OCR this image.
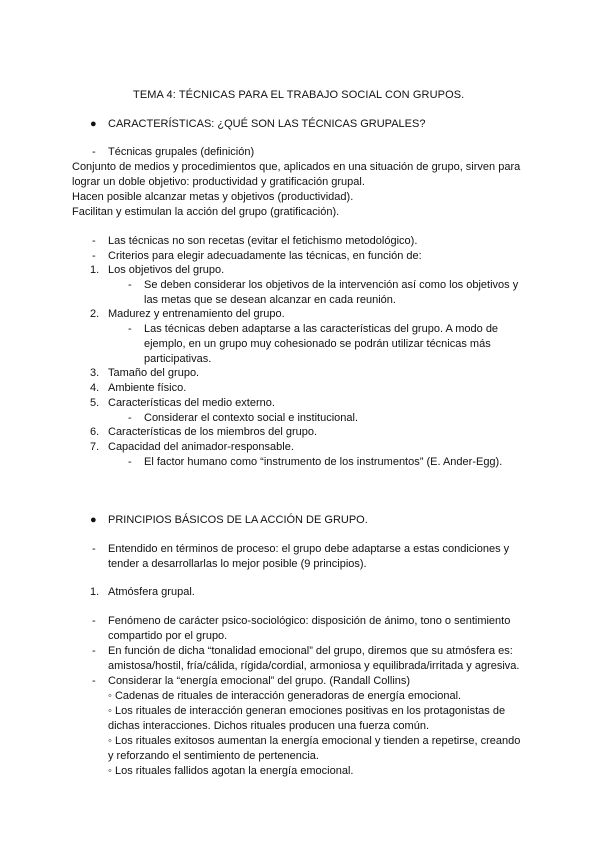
TEMA 4: TÉCNICAS PARA EL TRABAJO SOCIAL CON GRUPOS.
● CARACTERÍSTICAS: ¿QUÉ SON LAS TÉCNICAS GRUPALES?
- Técnicas grupales (definición)
Conjunto de medios y procedimientos que, aplicados en una situación de grupo, sirven para
lograr un doble objetivo: productividad y gratificación grupal.
Hacen posible alcanzar metas y objetivos (productividad).
Facilitan y estimulan la acción del grupo (gratificación).
- Las técnicas no son recetas (evitar el fetichismo metodológico).
- Criterios para elegir adecuadamente las técnicas, en función de:
1. Los objetivos del grupo.
- Se deben considerar los objetivos de la intervención así como los objetivos y
las metas que se desean alcanzar en cada reunión.
2. Madurez y entrenamiento del grupo.
- Las técnicas deben adaptarse a las características del grupo. A modo de
ejemplo, en un grupo muy cohesionado se podrán utilizar técnicas más
participativas.
3. Tamaño del grupo.
4. Ambiente físico.
5. Características del medio externo.
- Considerar el contexto social e institucional.
6. Características de los miembros del grupo.
7. Capacidad del animador-responsable.
- El factor humano como “instrumento de los instrumentos” (E. Ander-Egg).
● PRINCIPIOS BÁSICOS DE LA ACCIÓN DE GRUPO.
- Entendido en términos de proceso: el grupo debe adaptarse a estas condiciones y
tender a desarrollarlas lo mejor posible (9 principios).
1. Atmósfera grupal.
- Fenómeno de carácter psico-sociológico: disposición de ánimo, tono o sentimiento
compartido por el grupo.
- En función de dicha “tonalidad emocional” del grupo, diremos que su atmósfera es:
amistosa/hostil, fría/cálida, rígida/cordial, armoniosa y equilibrada/irritada y agresiva.
- Considerar la “energía emocional” del grupo. (Randall Collins)
◦ Cadenas de rituales de interacción generadoras de energía emocional.
◦ Los rituales de interacción generan emociones positivas en los protagonistas de
dichas interacciones. Dichos rituales producen una fuerza común.
◦ Los rituales exitosos aumentan la energía emocional y tienden a repetirse, creando
y reforzando el sentimiento de pertenencia.
◦ Los rituales fallidos agotan la energía emocional.
